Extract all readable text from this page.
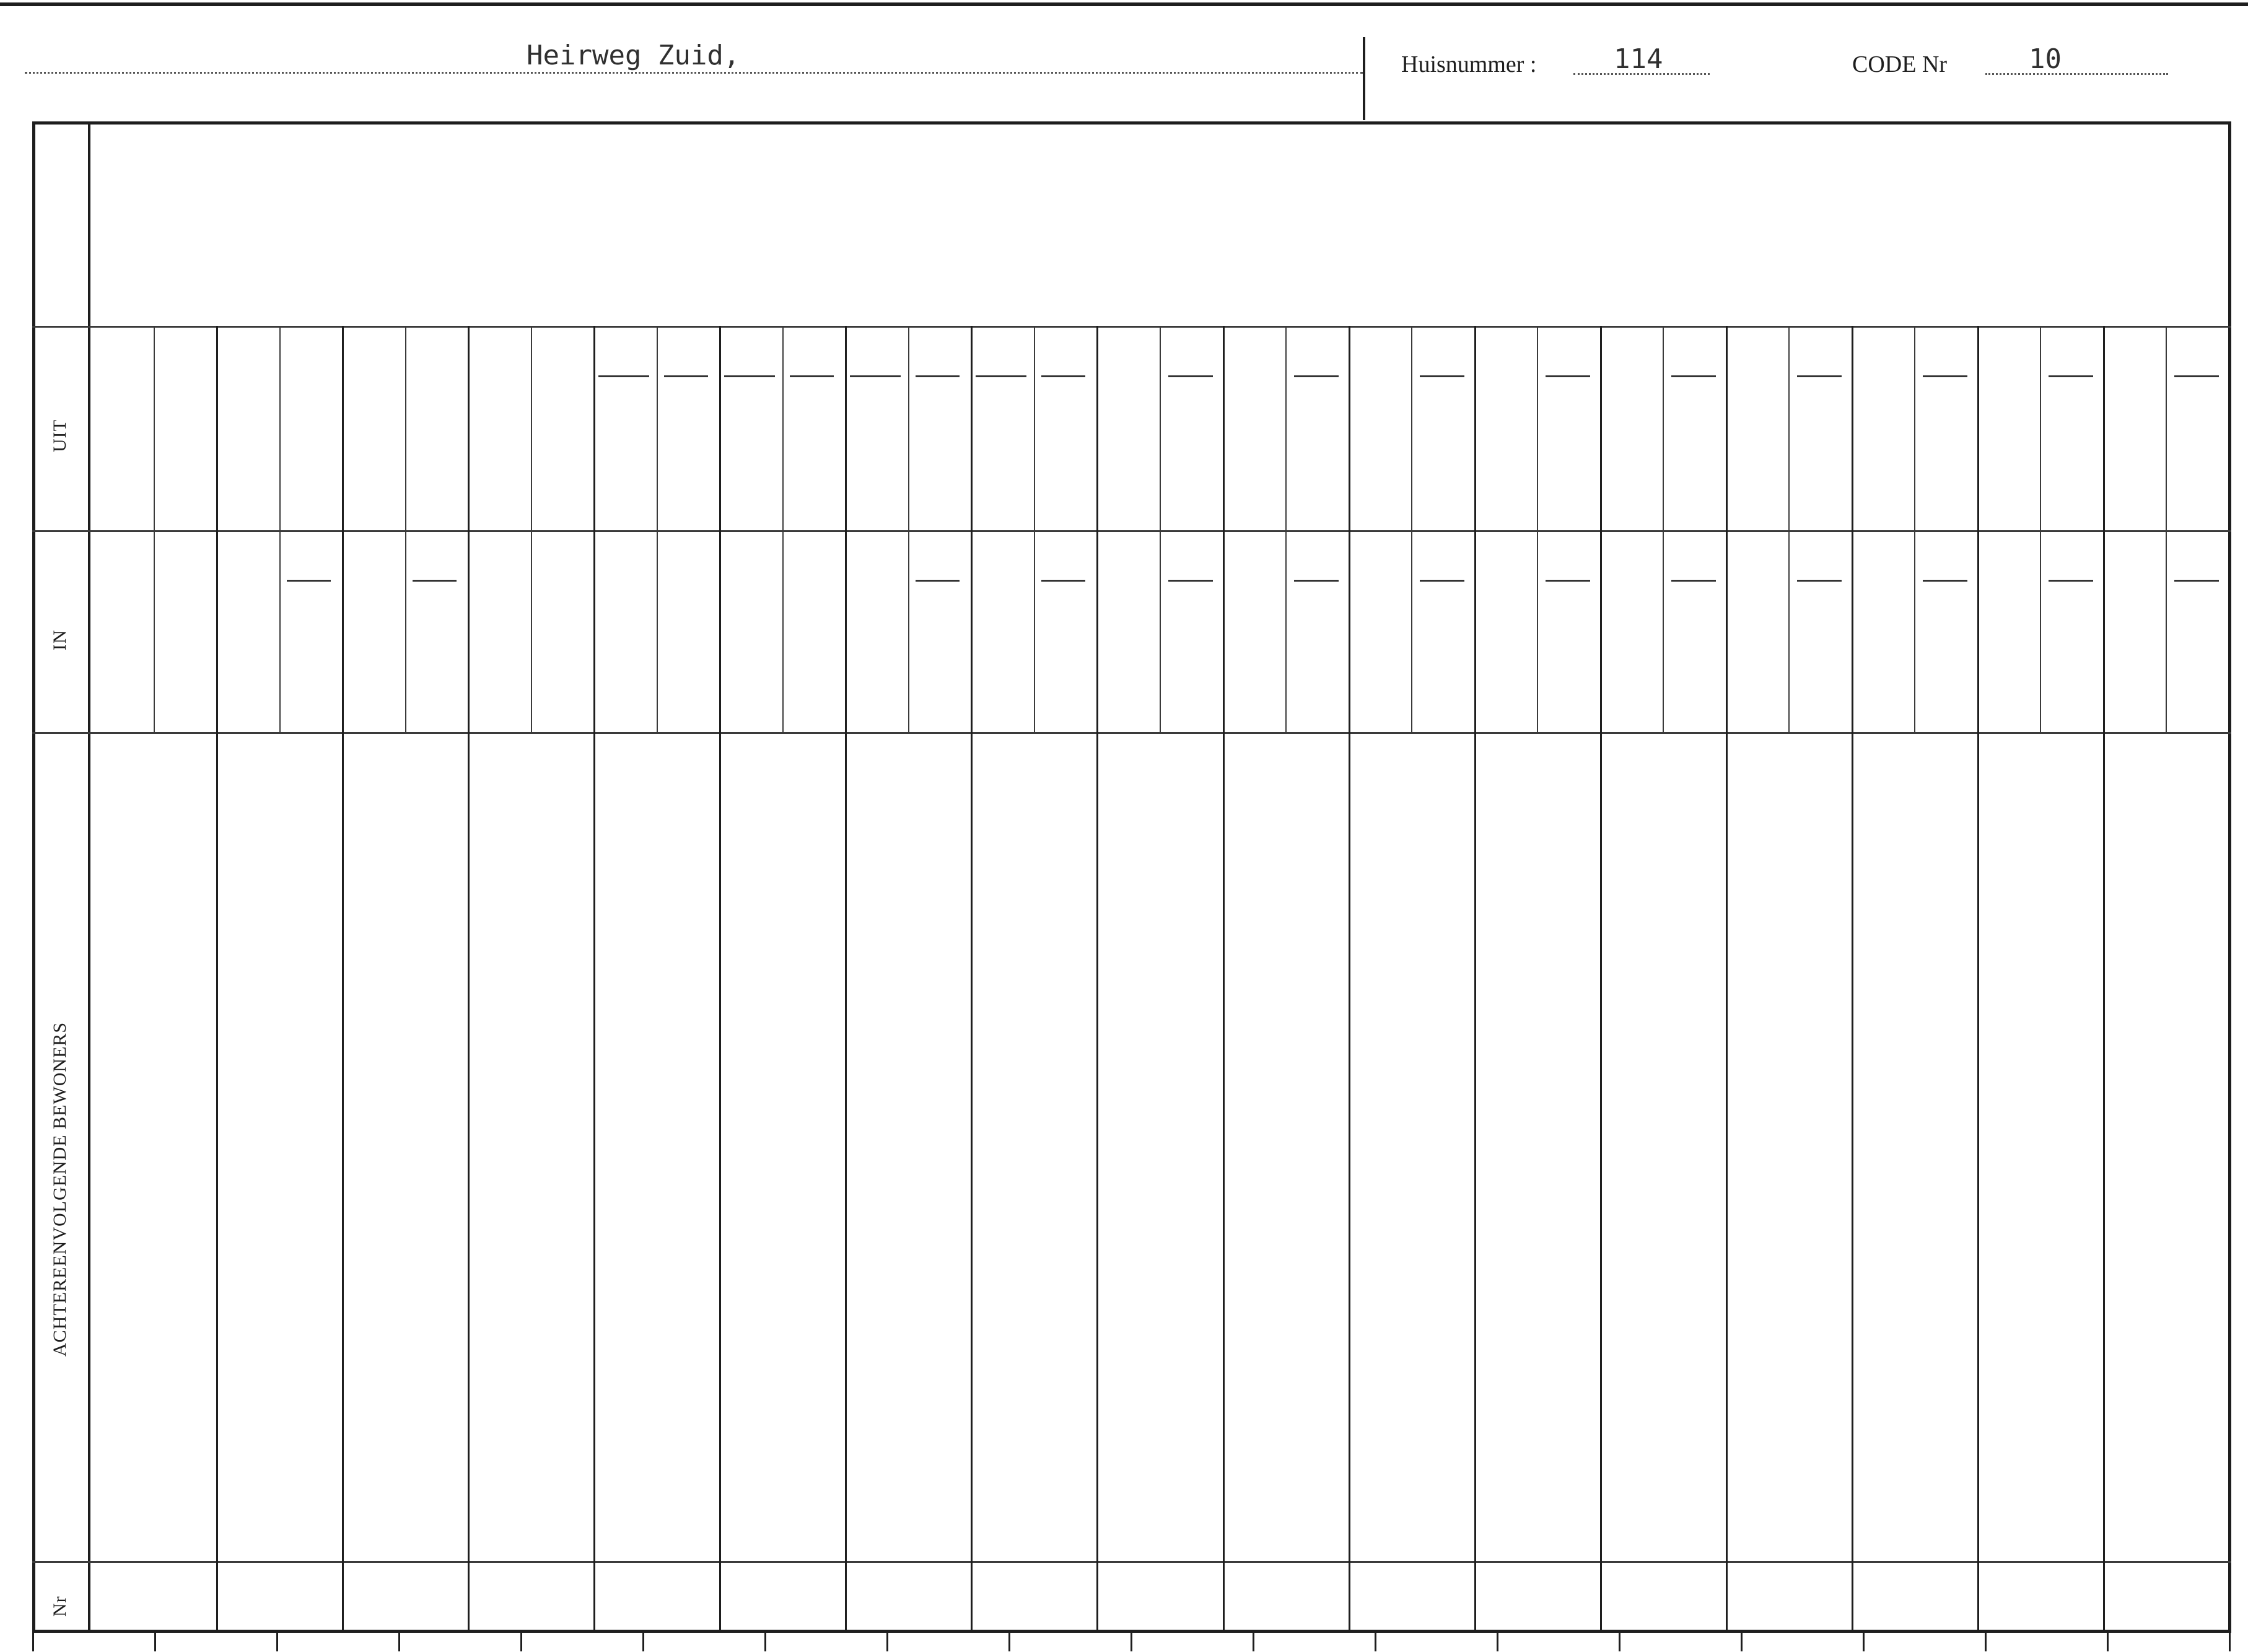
Heirweg Zuid,	Huisnummer :	114	CODE Nr	10
UIT
IN
ACHTEREENVOLGENDE BEWONERS
Nr
